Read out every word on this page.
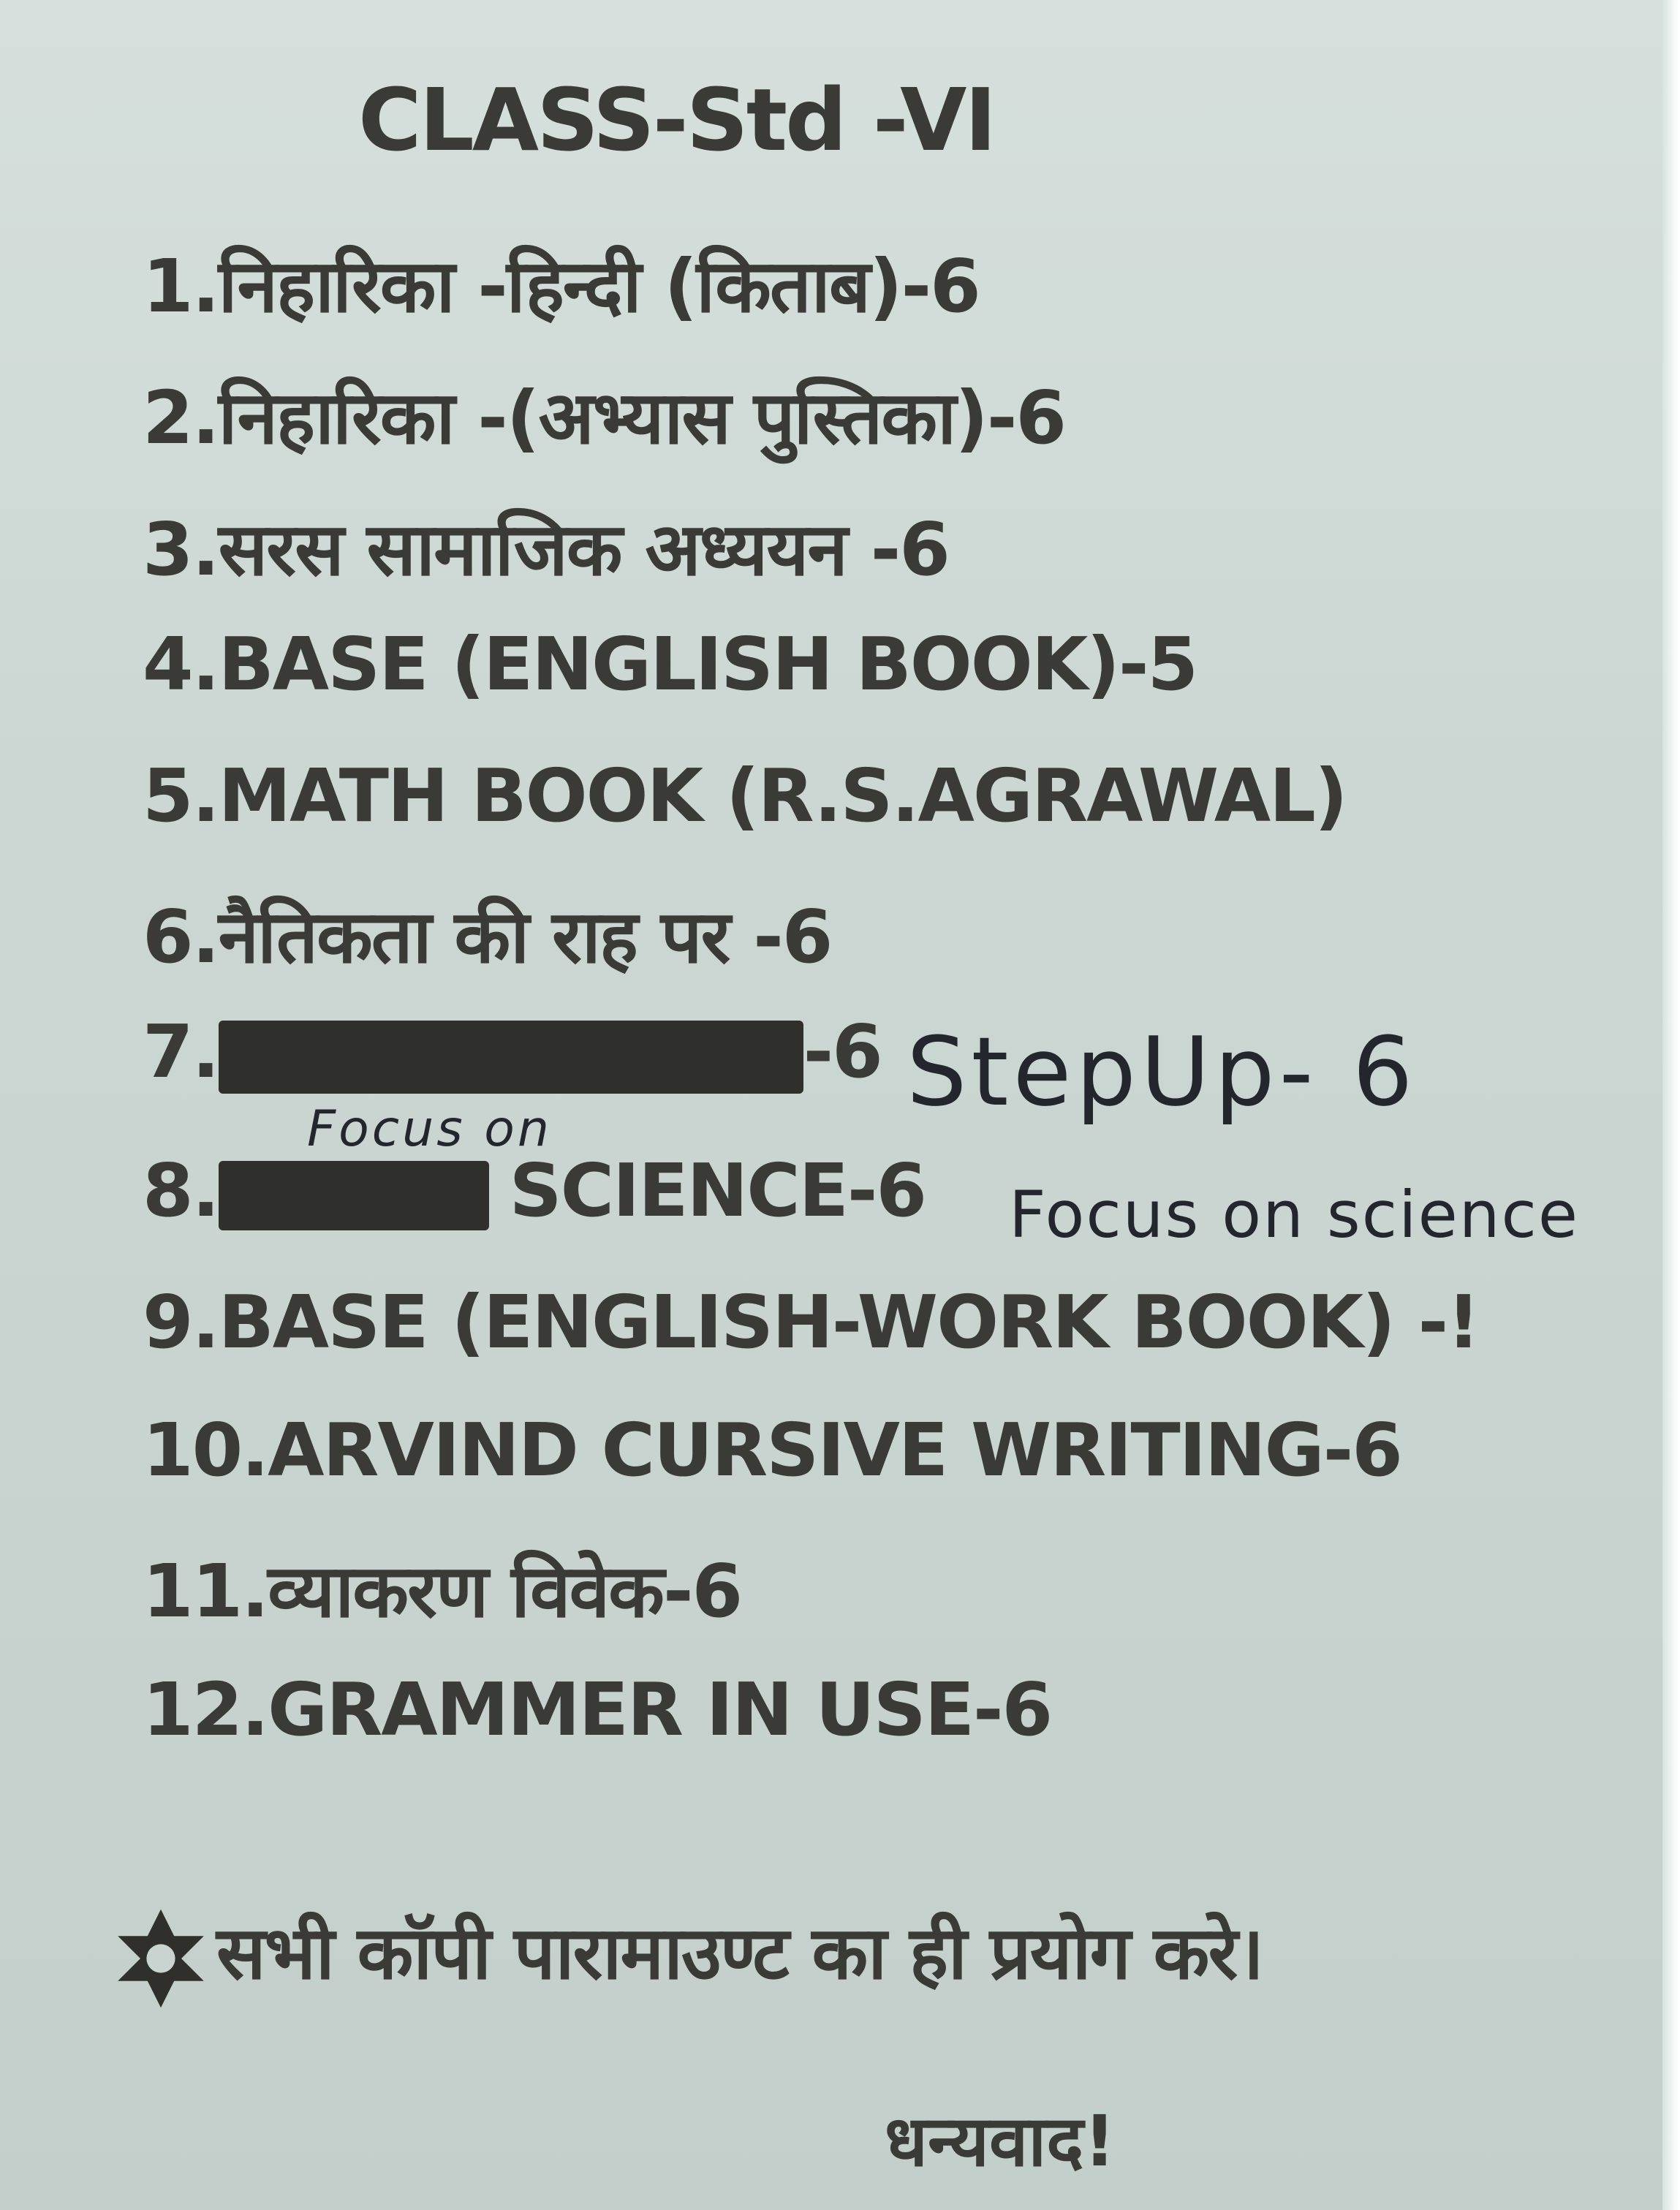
CLASS-Std -VI
1.निहारिका -हिन्दी (किताब)-6
2.निहारिका -(अभ्यास पुस्तिका)-6
3.सरस सामाजिक अध्ययन -6
4.BASE (ENGLISH BOOK)-5
5.MATH BOOK (R.S.AGRAWAL)
6.नैतिकता की राह पर -6
7.	-6 StepUp- 6
Focus on
8.	SCIENCE-6 Focus on science
9.BASE (ENGLISH-WORK BOOK) -!
10.ARVIND CURSIVE WRITING-6
11.व्याकरण विवेक-6
12.GRAMMER IN USE-6
सभी कॉपी पारामाउण्ट का ही प्रयोग करे।
धन्यवाद!
